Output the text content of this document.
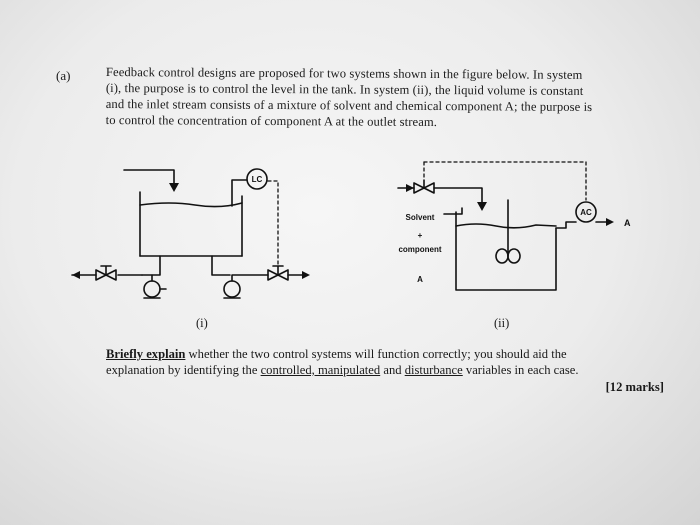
(a)	Feedback control designs are proposed for two systems shown in the figure below. In system
(i), the purpose is to control the level in the tank. In system (ii), the liquid volume is constant
and the inlet stream consists of a mixture of solvent and chemical component A; the purpose is
to control the concentration of component A at the outlet stream.
LC
AC
A
Solvent
+
component
A
(i)	(ii)
Briefly explain whether the two control systems will function correctly; you should aid the
explanation by identifying the controlled, manipulated and disturbance variables in each case.
[12 marks]
